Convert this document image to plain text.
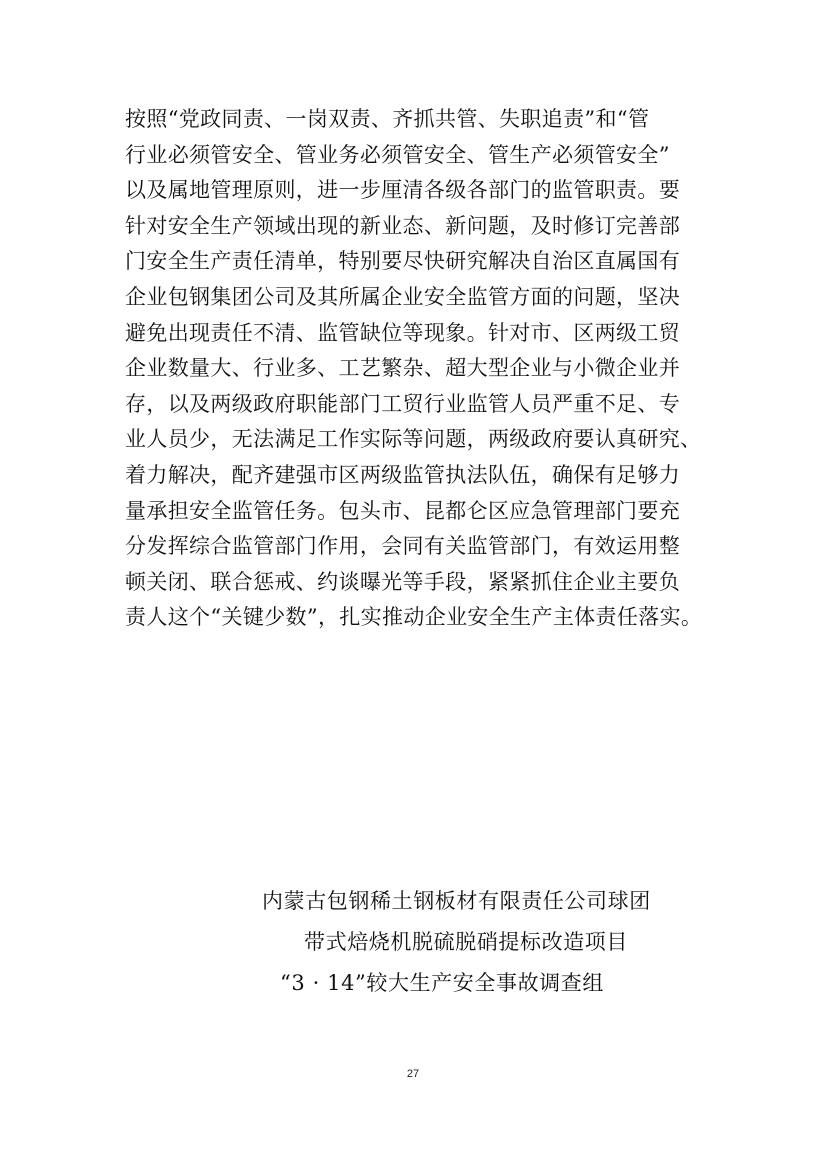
按照“党政同责、一岗双责、齐抓共管、失职追责”和“管
行业必须管安全、管业务必须管安全、管生产必须管安全”
以及属地管理原则，进一步厘清各级各部门的监管职责。要
针对安全生产领域出现的新业态、新问题，及时修订完善部
门安全生产责任清单，特别要尽快研究解决自治区直属国有
企业包钢集团公司及其所属企业安全监管方面的问题，坚决
避免出现责任不清、监管缺位等现象。针对市、区两级工贸
企业数量大、行业多、工艺繁杂、超大型企业与小微企业并
存，以及两级政府职能部门工贸行业监管人员严重不足、专
业人员少，无法满足工作实际等问题，两级政府要认真研究、
着力解决，配齐建强市区两级监管执法队伍，确保有足够力
量承担安全监管任务。包头市、昆都仑区应急管理部门要充
分发挥综合监管部门作用，会同有关监管部门，有效运用整
顿关闭、联合惩戒、约谈曝光等手段，紧紧抓住企业主要负
责人这个“关键少数”，扎实推动企业安全生产主体责任落实。
内蒙古包钢稀土钢板材有限责任公司球团
带式焙烧机脱硫脱硝提标改造项目
“3 · 14”较大生产安全事故调查组
27
